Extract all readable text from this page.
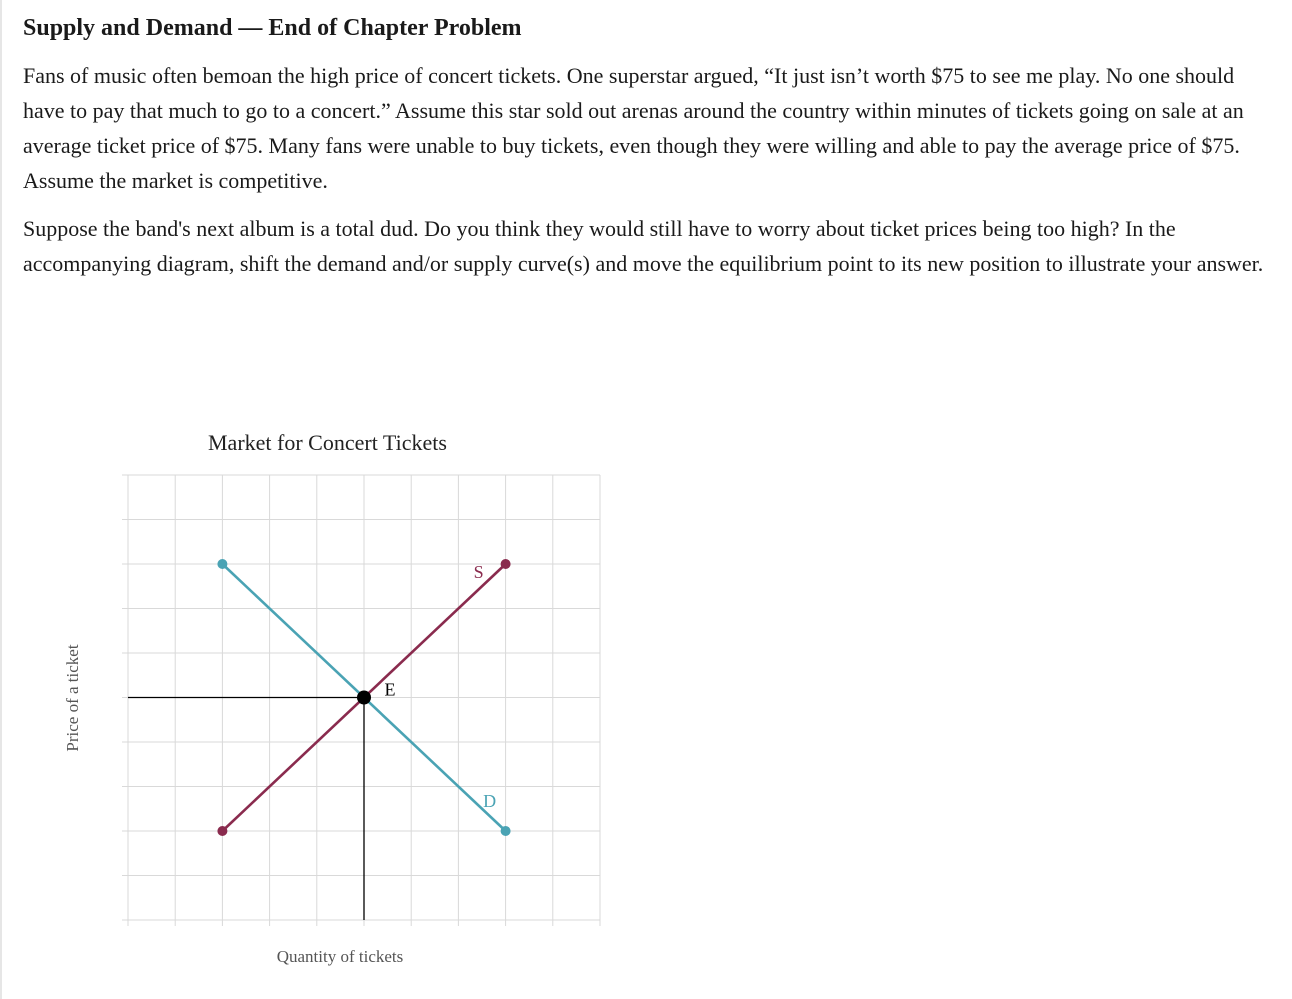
Supply and Demand — End of Chapter Problem

Fans of music often bemoan the high price of concert tickets. One superstar argued, “It just isn’t worth $75 to see me play. No one should have to pay that much to go to a concert.” Assume this star sold out arenas around the country within minutes of tickets going on sale at an average ticket price of $75. Many fans were unable to buy tickets, even though they were willing and able to pay the average price of $75. Assume the market is competitive.

Suppose the band's next album is a total dud. Do you think they would still have to worry about ticket prices being too high? In the accompanying diagram, shift the demand and/or supply curve(s) and move the equilibrium point to its new position to illustrate your answer.

Market for Concert Tickets
Price of a ticket
Quantity of tickets
S
D
E
